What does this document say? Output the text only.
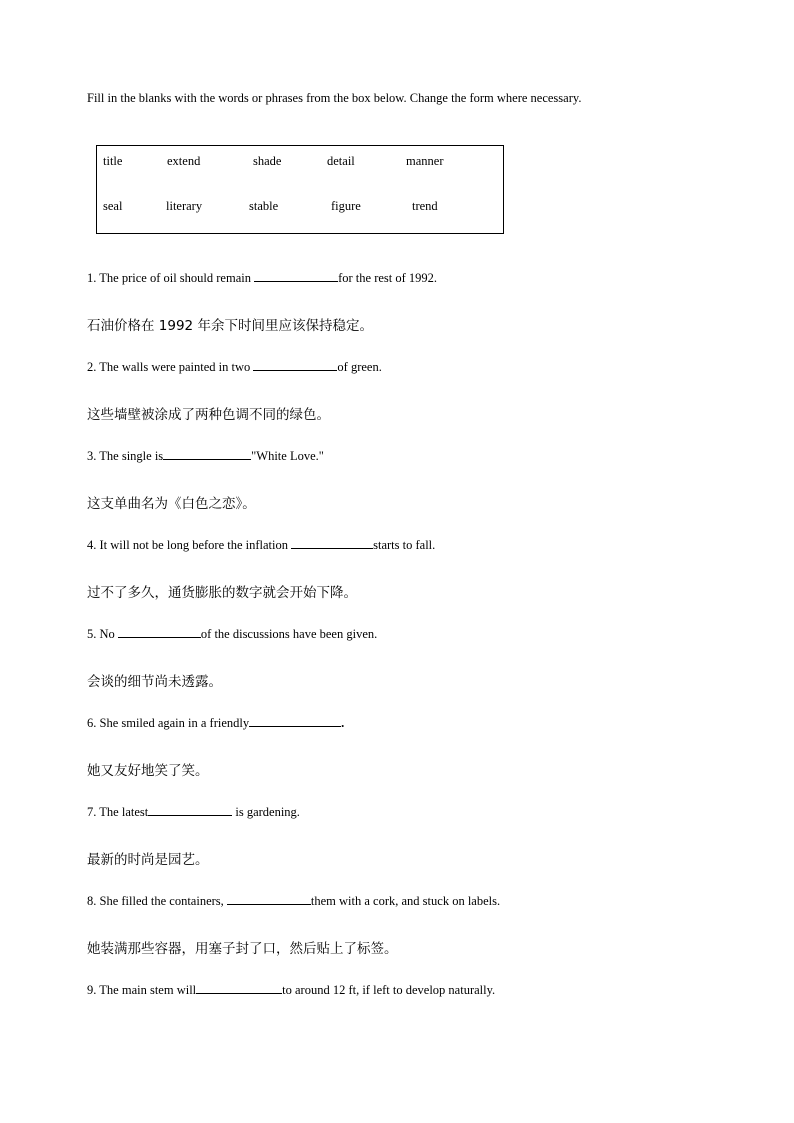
Fill in the blanks with the words or phrases from the box below. Change the form where necessary.
title	extend	shade	detail	manner
seal	literary	stable	figure	trend
1. The price of oil should remain	for the rest of 1992.
石油价格在 1992 年余下时间里应该保持稳定。
2. The walls were painted in two	of green.
这些墙壁被涂成了两种色调不同的绿色。
3. The single is	"White Love."
这支单曲名为《白色之恋》。
4. It will not be long before the inflation	starts to fall.
过不了多久，通货膨胀的数字就会开始下降。
5. No	of the discussions have been given.
会谈的细节尚未透露。
6. She smiled again in a friendly	.
她又友好地笑了笑。
7. The latest	is gardening.
最新的时尚是园艺。
8. She filled the containers,	them with a cork, and stuck on labels.
她装满那些容器，用塞子封了口，然后贴上了标签。
9. The main stem will	to around 12 ft, if left to develop naturally.
